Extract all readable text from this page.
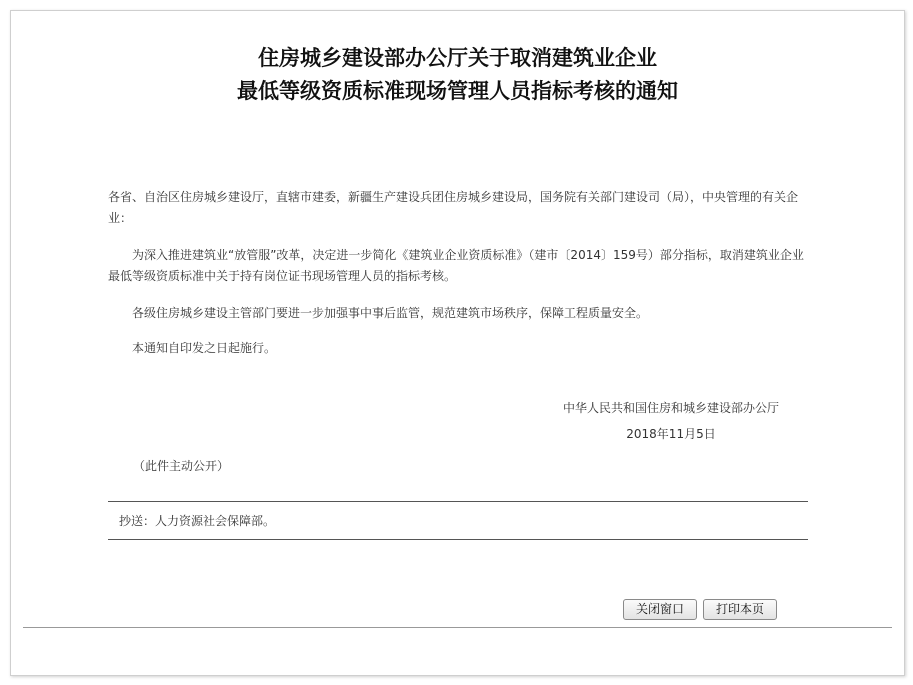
住房城乡建设部办公厅关于取消建筑业企业
最低等级资质标准现场管理人员指标考核的通知
各省、自治区住房城乡建设厅，直辖市建委，新疆生产建设兵团住房城乡建设局，国务院有关部门建设司（局），中央管理的有关企业：
为深入推进建筑业“放管服”改革，决定进一步简化《建筑业企业资质标准》（建市〔2014〕159号）部分指标，取消建筑业企业最低等级资质标准中关于持有岗位证书现场管理人员的指标考核。
各级住房城乡建设主管部门要进一步加强事中事后监管，规范建筑市场秩序，保障工程质量安全。
本通知自印发之日起施行。
中华人民共和国住房和城乡建设部办公厅
2018年11月5日
（此件主动公开）
抄送：人力资源社会保障部。
关闭窗口	打印本页
